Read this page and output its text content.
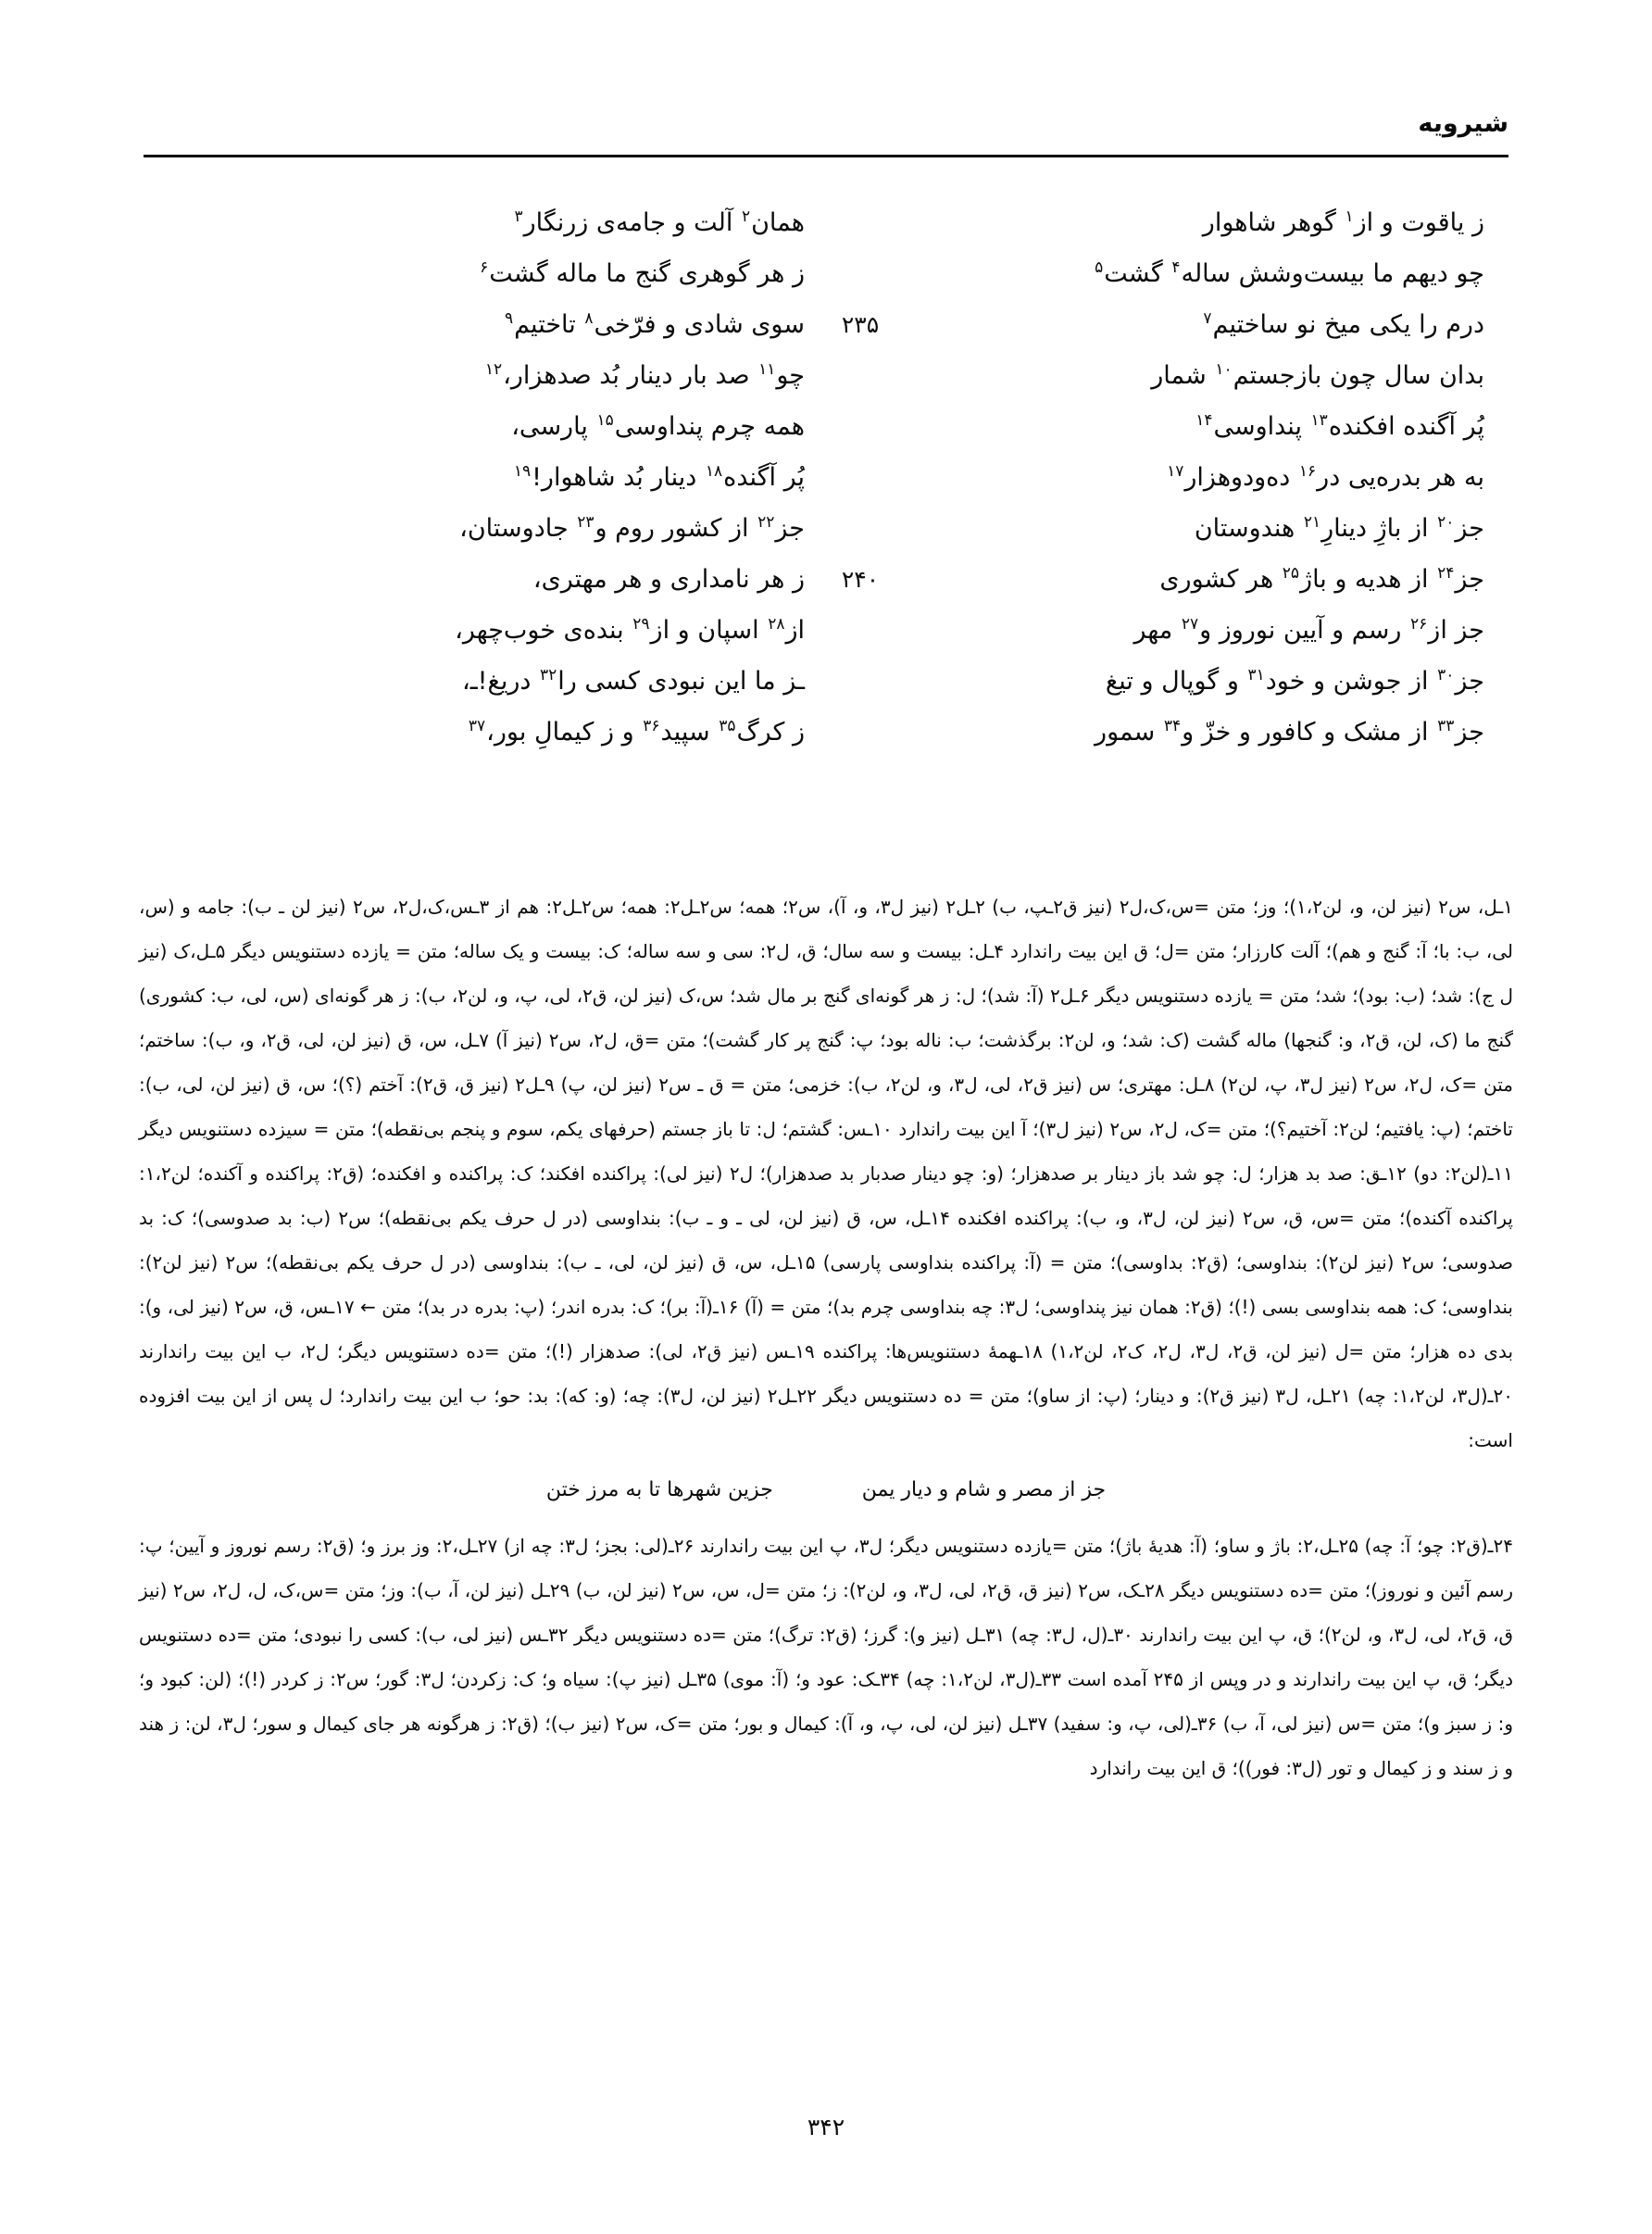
شیرویه
ز یاقوت و از$^۱$ گوهر شاهوار
همان$^۲$ آلت و جامه‌ی زرنگار$^۳$
چو دیهم ما بیست‌وشش ساله$^۴$ گشت$^۵$
ز هر گوهری گنج ما ماله گشت$^۶$
درم را یکی میخ نو ساختیم$^۷$
۲۳۵
سوی شادی و فرّخی$^۸$ تاختیم$^۹$
بدان سال چون بازجستم$^{۱۰}$ شمار
چو$^{۱۱}$ صد بار دینار بُد صدهزار،$^{۱۲}$
پُر آگنده افکنده$^{۱۳}$ پنداوسی$^{۱۴}$
همه چرم پنداوسی$^{۱۵}$ پارسی،
به هر بدره‌یی در$^{۱۶}$ ده‌ودوهزار$^{۱۷}$
پُر آگنده$^{۱۸}$ دینار بُد شاهوار!$^{۱۹}$
جز$^{۲۰}$ از باژِ دینارِ$^{۲۱}$ هندوستان
جز$^{۲۲}$ از کشور روم و$^{۲۳}$ جادوستان،
جز$^{۲۴}$ از هدیه و باژ$^{۲۵}$ هر کشوری
۲۴۰
ز هر نامداری و هر مهتری،
جز از$^{۲۶}$ رسم و آیین نوروز و$^{۲۷}$ مهر
از$^{۲۸}$ اسپان و از$^{۲۹}$ بنده‌ی خوب‌چهر،
جز$^{۳۰}$ از جوشن و خود$^{۳۱}$ و گوپال و تیغ
ـز ما این نبودی کسی را$^{۳۲}$ دریغ!ـ،
جز$^{۳۳}$ از مشک و کافور و خزّ و$^{۳۴}$ سمور
ز کرگ$^{۳۵}$ سپید$^{۳۶}$ و ز کیمالِ بور،$^{۳۷}$

۱ـل، س۲ (نیز لن، و، لن۱،۲)؛ وز؛ متن =س،ک،ل۲ (نیز ق۲ـپ، ب) ۲ـل۲ (نیز ل۳، و، آ)، س۲؛ همه؛ س۲ـل۲: همه؛ س۲ـل۲: هم از ۳ـس،ک،ل۲، س۲ (نیز لن ـ ب): جامه و (س، لی، ب: با؛ آ: گنج و هم)؛ آلت کارزار؛ متن =ل؛ ق این بیت راندارد ۴ـل: بیست و سه سال؛ ق، ل۲: سی و سه ساله؛ ک: بیست و یک ساله؛ متن = یازده دستنویس دیگر ۵ـل،ک (نیز ل ج): شد؛ (ب: بود)؛ شد؛ متن = یازده دستنویس دیگر ۶ـل۲ (آ: شد)؛ ل: ز هر گونه‌ای گنج بر مال شد؛ س،ک (نیز لن، ق۲، لی، پ، و، لن۲، ب): ز هر گونه‌ای (س، لی، ب: کشوری) گنج ما (ک، لن، ق۲، و: گنجها) ماله گشت (ک: شد؛ و، لن۲: برگذشت؛ ب: ناله بود؛ پ: گنج پر کار گشت)؛ متن =ق، ل۲، س۲ (نیز آ) ۷ـل، س، ق (نیز لن، لی، ق۲، و، ب): ساختم؛ متن =ک، ل۲، س۲ (نیز ل۳، پ، لن۲) ۸ـل: مهتری؛ س (نیز ق۲، لی، ل۳، و، لن۲، ب): خزمی؛ متن = ق ـ س۲ (نیز لن، پ) ۹ـل۲ (نیز ق، ق۲): آختم (؟)؛ س، ق (نیز لن، لی، ب): تاختم؛ (پ: یافتیم؛ لن۲: آختیم؟)؛ متن =ک، ل۲، س۲ (نیز ل۳)؛ آ این بیت راندارد ۱۰ـس: گشتم؛ ل: تا باز جستم (حرفهای یکم، سوم و پنجم بی‌نقطه)؛ متن = سیزده دستنویس دیگر ۱۱ـ(لن۲: دو) ۱۲ـق: صد بد هزار؛ ل: چو شد باز دینار بر صدهزار؛ (و: چو دینار صدبار بد صدهزار)؛ ل۲ (نیز لی): پراکنده افکند؛ ک: پراکنده و افکنده؛ (ق۲: پراکنده و آکنده؛ لن۱،۲: پراکنده آکنده)؛ متن =س، ق، س۲ (نیز لن، ل۳، و، ب): پراکنده افکنده ۱۴ـل، س، ق (نیز لن، لی ـ و ـ ب): بنداوسی (در ل حرف یکم بی‌نقطه)؛ س۲ (ب: بد صدوسی)؛ ک: بد صدوسی؛ س۲ (نیز لن۲): بنداوسی؛ (ق۲: بداوسی)؛ متن = (آ: پراکنده بنداوسی پارسی) ۱۵ـل، س، ق (نیز لن، لی، ـ ب): بنداوسی (در ل حرف یکم بی‌نقطه)؛ س۲ (نیز لن۲): بنداوسی؛ ک: همه بنداوسی بسی (!)؛ (ق۲: همان نیز پنداوسی؛ ل۳: چه بنداوسی چرم بد)؛ متن = (آ) ۱۶ـ(آ: بر)؛ ک: بدره اندر؛ (پ: بدره در بد)؛ متن ← ۱۷ـس، ق، س۲ (نیز لی، و): بدی ده هزار؛ متن =ل (نیز لن، ق۲، ل۳، ل۲، ک۲، لن۱،۲) ۱۸ـهمهٔ دستنویس‌ها: پراکنده ۱۹ـس (نیز ق۲، لی): صدهزار (!)؛ متن =ده دستنویس دیگر؛ ل۲، ب این بیت راندارند ۲۰ـ(ل۳، لن۱،۲: چه) ۲۱ـل، ل۳ (نیز ق۲): و دینار؛ (پ: از ساو)؛ متن = ده دستنویس دیگر ۲۲ـل۲ (نیز لن، ل۳): چه؛ (و: که): بد: حو؛ ب این بیت راندارد؛ ل پس از این بیت افزوده است:

جز از مصر و شام و دیار یمن
جزین شهرها تا به مرز ختن

۲۴ـ(ق۲: چو؛ آ: چه) ۲۵ـل،۲: باژ و ساو؛ (آ: هدیهٔ باژ)؛ متن =یازده دستنویس دیگر؛ ل۳، پ این بیت راندارند ۲۶ـ(لی: بجز؛ ل۳: چه از) ۲۷ـل،۲: وز برز و؛ (ق۲: رسم نوروز و آیین؛ پ: رسم آئین و نوروز)؛ متن =ده دستنویس دیگر ۲۸ـک، س۲ (نیز ق، ق۲، لی، ل۳، و، لن۲): ز؛ متن =ل، س، س۲ (نیز لن، ب) ۲۹ـل (نیز لن، آ، ب): وز؛ متن =س،ک، ل، ل۲، س۲ (نیز ق، ق۲، لی، ل۳، و، لن۲)؛ ق، پ این بیت راندارند ۳۰ـ(ل، ل۳: چه) ۳۱ـل (نیز و): گرز؛ (ق۲: ترگ)؛ متن =ده دستنویس دیگر ۳۲ـس (نیز لی، ب): کسی را نبودی؛ متن =ده دستنویس دیگر؛ ق، پ این بیت راندارند و در وپس از ۲۴۵ آمده است ۳۳ـ(ل۳، لن۱،۲: چه) ۳۴ـک: عود و؛ (آ: موی) ۳۵ـل (نیز پ): سیاه و؛ ک: زکردن؛ ل۳: گور؛ س۲: ز کردر (!)؛ (لن: کبود و؛ و: ز سبز و)؛ متن =س (نیز لی، آ، ب) ۳۶ـ(لی، پ، و: سفید) ۳۷ـل (نیز لن، لی، پ، و، آ): کیمال و بور؛ متن =ک، س۲ (نیز ب)؛ (ق۲: ز هرگونه هر جای کیمال و سور؛ ل۳، لن: ز هند و ز سند و ز کیمال و تور (ل۳: فور))؛ ق این بیت راندارد

۳۴۲
